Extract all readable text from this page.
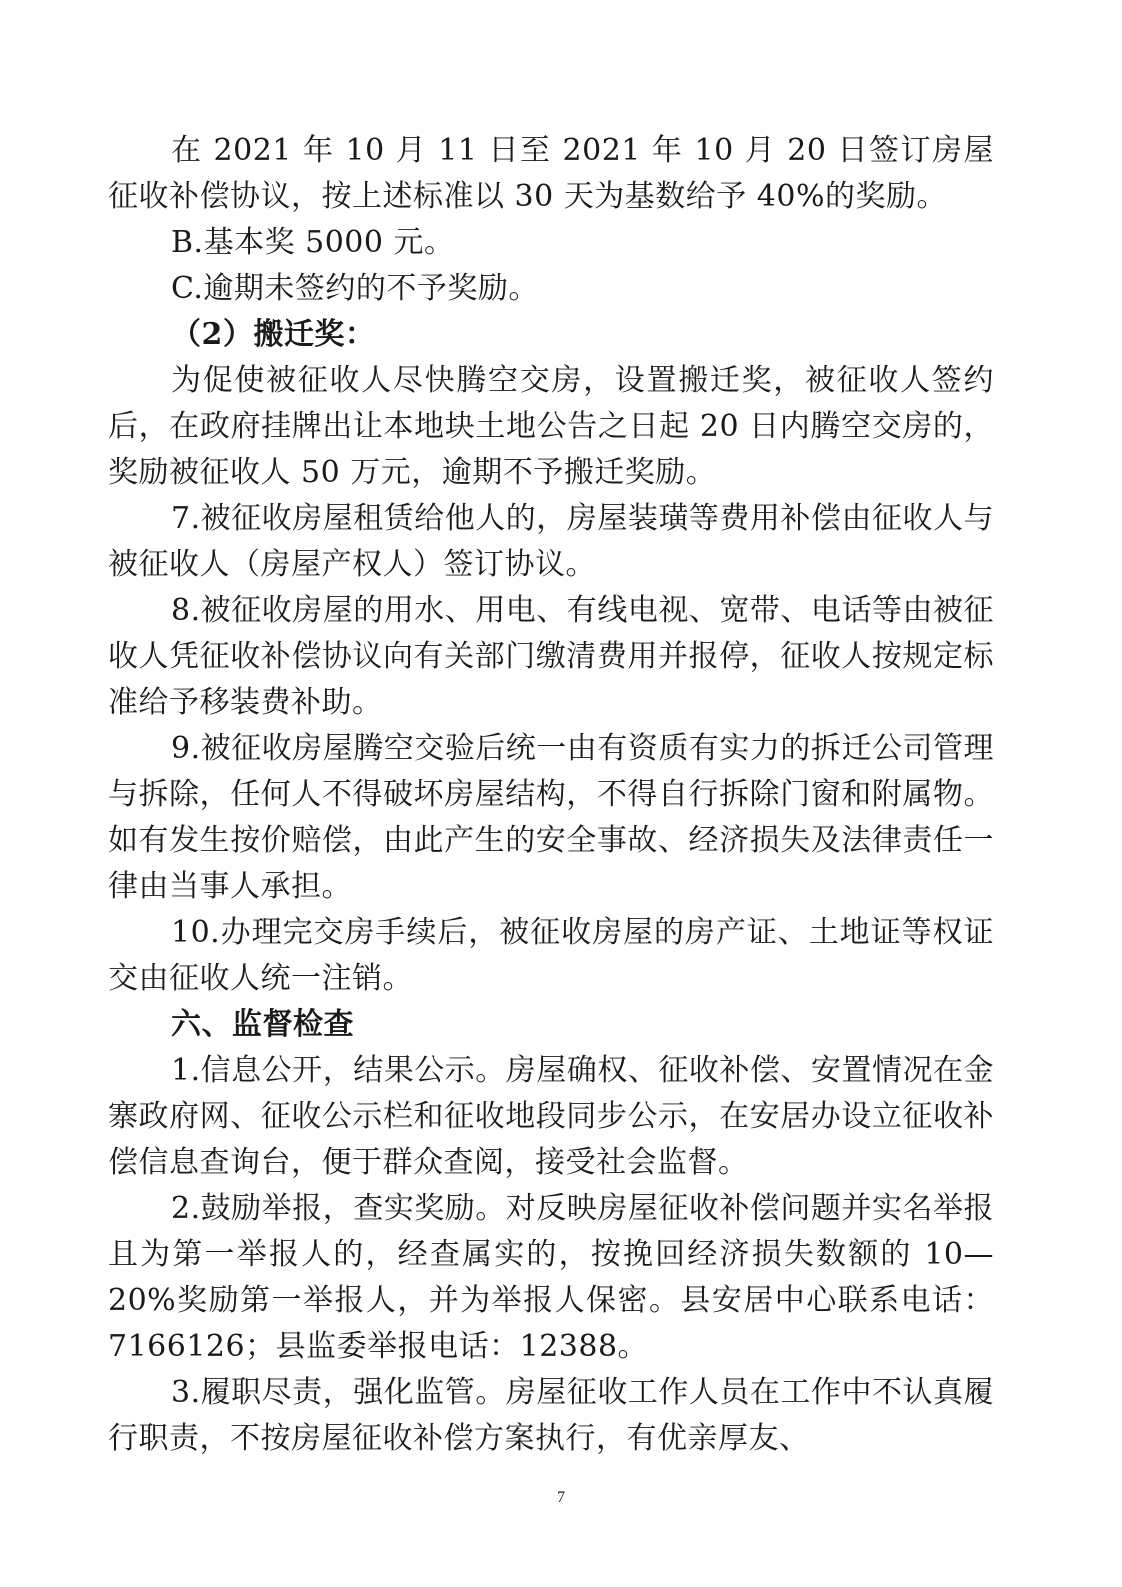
在 2021 年 10 月 11 日至 2021 年 10 月 20 日签订房屋征收补偿协议，按上述标准以 30 天为基数给予 40%的奖励。

B.基本奖 5000 元。

C.逾期未签约的不予奖励。

（2）搬迁奖：

为促使被征收人尽快腾空交房，设置搬迁奖，被征收人签约后，在政府挂牌出让本地块土地公告之日起 20 日内腾空交房的，奖励被征收人 50 万元，逾期不予搬迁奖励。

7.被征收房屋租赁给他人的，房屋装璜等费用补偿由征收人与被征收人（房屋产权人）签订协议。

8.被征收房屋的用水、用电、有线电视、宽带、电话等由被征收人凭征收补偿协议向有关部门缴清费用并报停，征收人按规定标准给予移装费补助。

9.被征收房屋腾空交验后统一由有资质有实力的拆迁公司管理与拆除，任何人不得破坏房屋结构，不得自行拆除门窗和附属物。如有发生按价赔偿，由此产生的安全事故、经济损失及法律责任一律由当事人承担。

10.办理完交房手续后，被征收房屋的房产证、土地证等权证交由征收人统一注销。

六、监督检查

1.信息公开，结果公示。房屋确权、征收补偿、安置情况在金寨政府网、征收公示栏和征收地段同步公示，在安居办设立征收补偿信息查询台，便于群众查阅，接受社会监督。

2.鼓励举报，查实奖励。对反映房屋征收补偿问题并实名举报且为第一举报人的，经查属实的，按挽回经济损失数额的 10—20%奖励第一举报人，并为举报人保密。县安居中心联系电话：7166126；县监委举报电话：12388。

3.履职尽责，强化监管。房屋征收工作人员在工作中不认真履行职责，不按房屋征收补偿方案执行，有优亲厚友、

7
